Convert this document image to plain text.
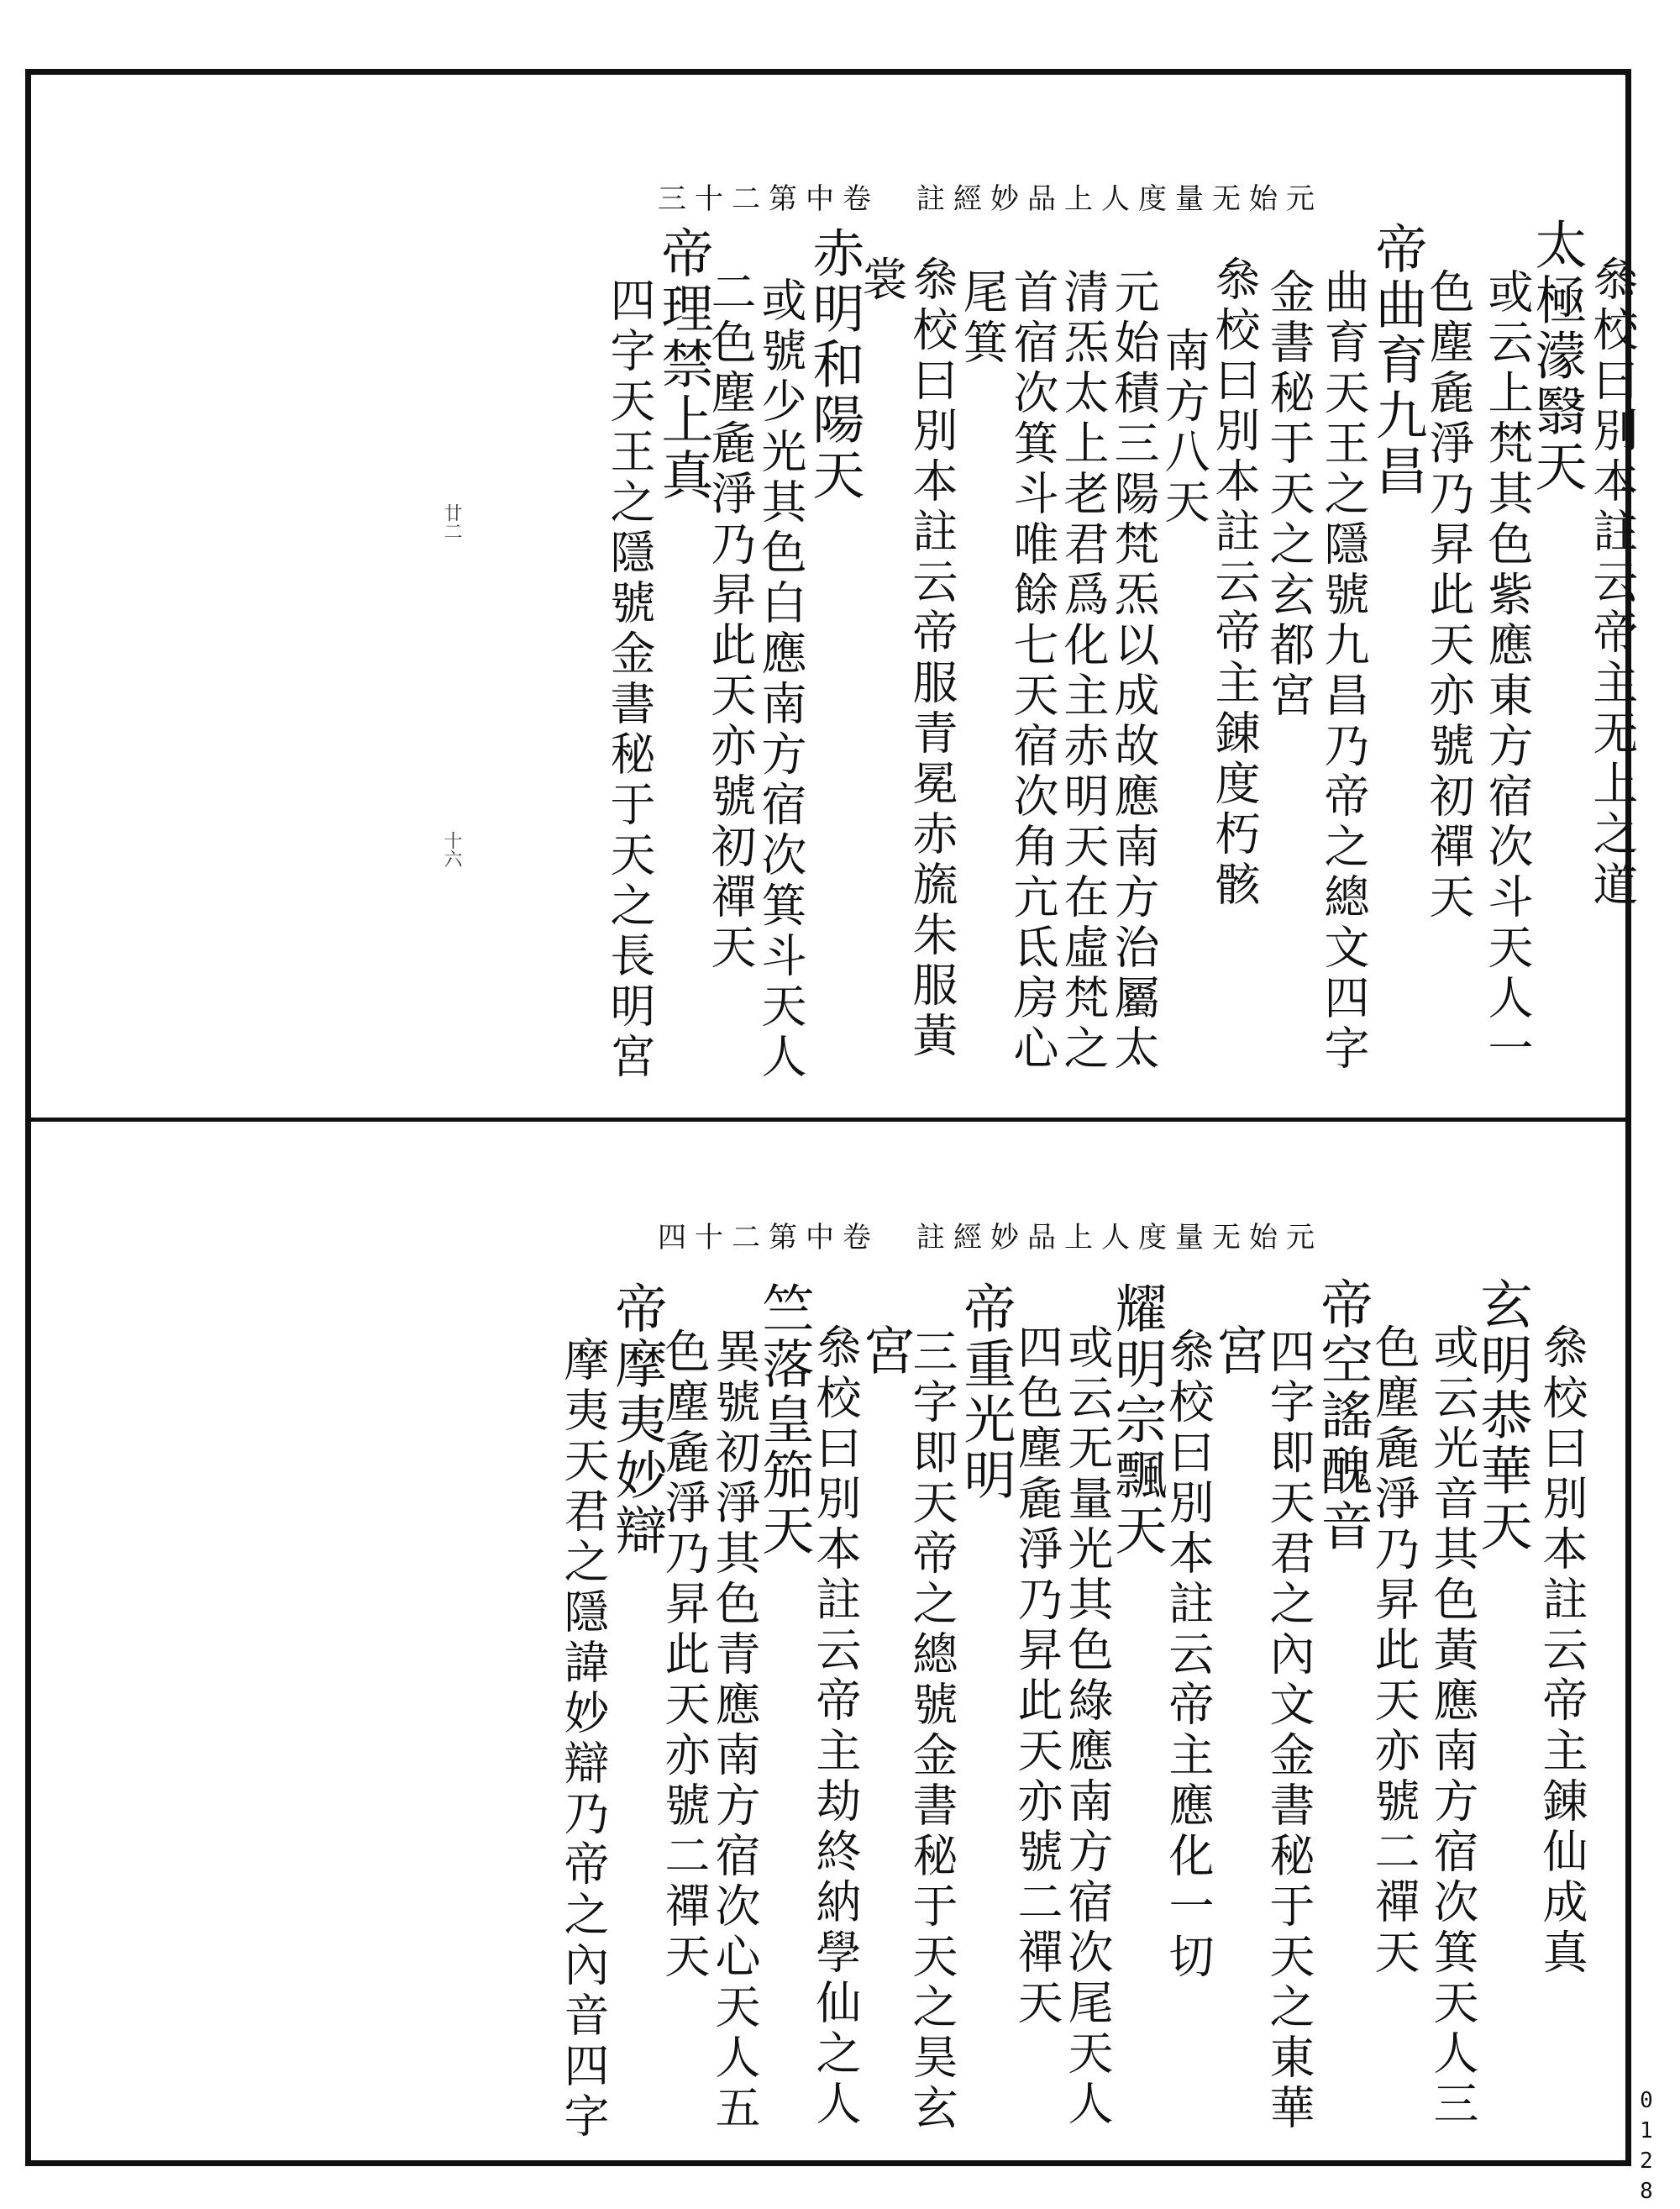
元始无量度人上品妙經註　卷中第二十三
叅校曰別本註云帝主无上之道
太極濛翳天
或云上梵其色紫應東方宿次斗天人一
色塵麁淨乃昇此天亦號初禪天
帝曲育九昌
曲育天王之隱號九昌乃帝之總文四字
金書秘于天之玄都宮
叅校曰別本註云帝主錬度朽骸
南方八天
元始積三陽梵炁以成故應南方治屬太
清炁太上老君爲化主赤明天在虛梵之
首宿次箕斗唯餘七天宿次角亢氐房心
尾箕
叅校曰別本註云帝服青冕赤旒朱服黃
裳
赤明和陽天
或號少光其色白應南方宿次箕斗天人
二色塵麁淨乃昇此天亦號初禪天
帝理禁上真
四字天王之隱號金書秘于天之長明宮
廿二
十六
元始无量度人上品妙經註　卷中第二十四
叅校曰別本註云帝主錬仙成真
玄明恭華天
或云光音其色黃應南方宿次箕天人三
色塵麁淨乃昇此天亦號二禪天
帝空謠醜音
四字即天君之內文金書秘于天之東華
宮
叅校曰別本註云帝主應化一切
耀明宗飄天
或云无量光其色綠應南方宿次尾天人
四色塵麁淨乃昇此天亦號二禪天
帝重光明
三字即天帝之總號金書秘于天之昊玄
宮
叅校曰別本註云帝主劫終納學仙之人
竺落皇笳天
異號初淨其色青應南方宿次心天人五
色塵麁淨乃昇此天亦號二禪天
帝摩夷妙辯
摩夷天君之隱諱妙辯乃帝之內音四字
0128
